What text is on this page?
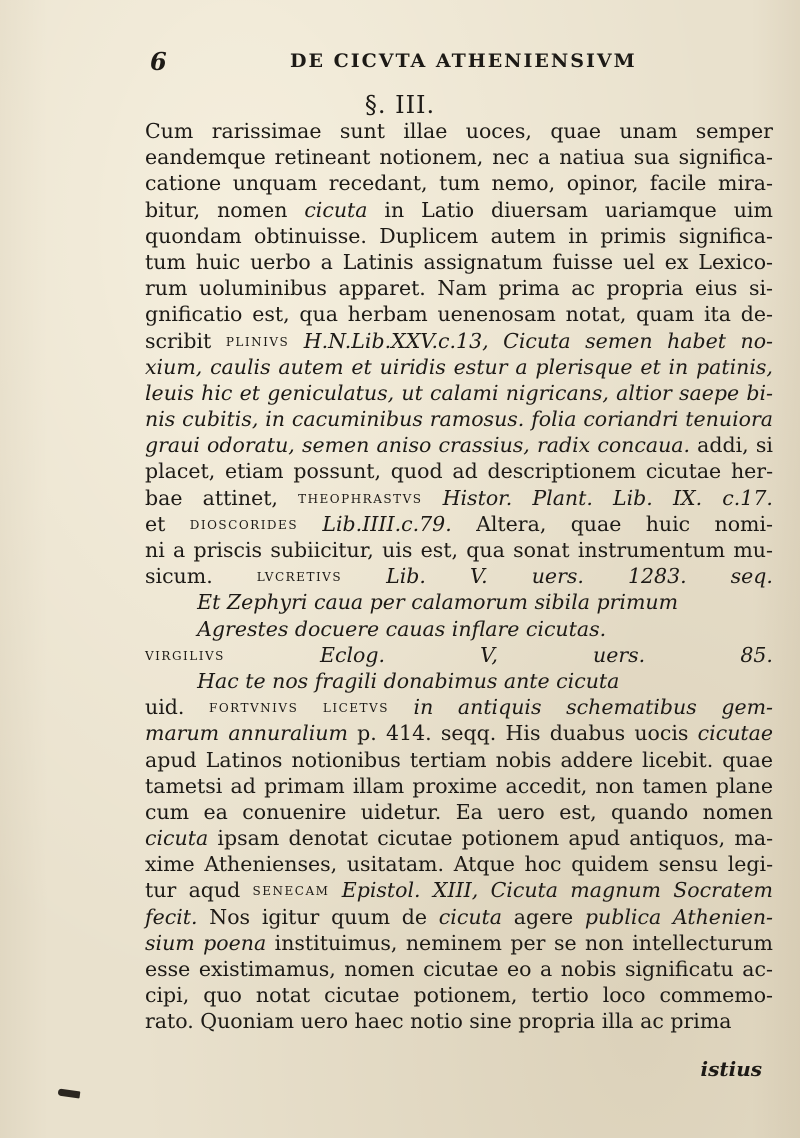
6	DE CICVTA ATHENIENSIVM
§. III.
Cum rarissimae sunt illae uoces, quae unam semper
eandemque retineant notionem, nec a natiua sua significa-
catione unquam recedant, tum nemo, opinor, facile mira-
bitur, nomen cicuta in Latio diuersam uariamque uim
quondam obtinuisse. Duplicem autem in primis significa-
tum huic uerbo a Latinis assignatum fuisse uel ex Lexico-
rum uoluminibus apparet. Nam prima ac propria eius si-
gnificatio est, qua herbam uenenosam notat, quam ita de-
scribit plinivs H.N.Lib.XXV.c.13, Cicuta semen habet no-
xium, caulis autem et uiridis estur a plerisque et in patinis,
leuis hic et geniculatus, ut calami nigricans, altior saepe bi-
nis cubitis, in cacuminibus ramosus. folia coriandri tenuiora
graui odoratu, semen aniso crassius, radix concaua. addi, si
placet, etiam possunt, quod ad descriptionem cicutae her-
bae attinet, theophrastvs Histor. Plant. Lib. IX. c.17.
et dioscorides Lib.IIII.c.79. Altera, quae huic nomi-
ni a priscis subiicitur, uis est, qua sonat instrumentum mu-
sicum.	lvcretivs Lib. V. uers. 1283. seq.
Et Zephyri caua per calamorum sibila primum
Agrestes docuere cauas inflare cicutas.
virgilivs	Eclog.	V,	uers.	85.
Hac te nos fragili donabimus ante cicuta
uid. fortvnivs licetvs in antiquis schematibus gem-
marum annuralium p. 414. seqq. His duabus uocis cicutae
apud Latinos notionibus tertiam nobis addere licebit. quae
tametsi ad primam illam proxime accedit, non tamen plane
cum ea conuenire uidetur. Ea uero est, quando nomen
cicuta ipsam denotat cicutae potionem apud antiquos, ma-
xime Athenienses, usitatam. Atque hoc quidem sensu legi-
tur aqud senecam Epistol. XIII, Cicuta magnum Socratem
fecit. Nos igitur quum de cicuta agere publica Athenien-
sium poena instituimus, neminem per se non intellecturum
esse existimamus, nomen cicutae eo a nobis significatu ac-
cipi, quo notat cicutae potionem, tertio loco commemo-
rato. Quoniam uero haec notio sine propria illa ac prima
istius
